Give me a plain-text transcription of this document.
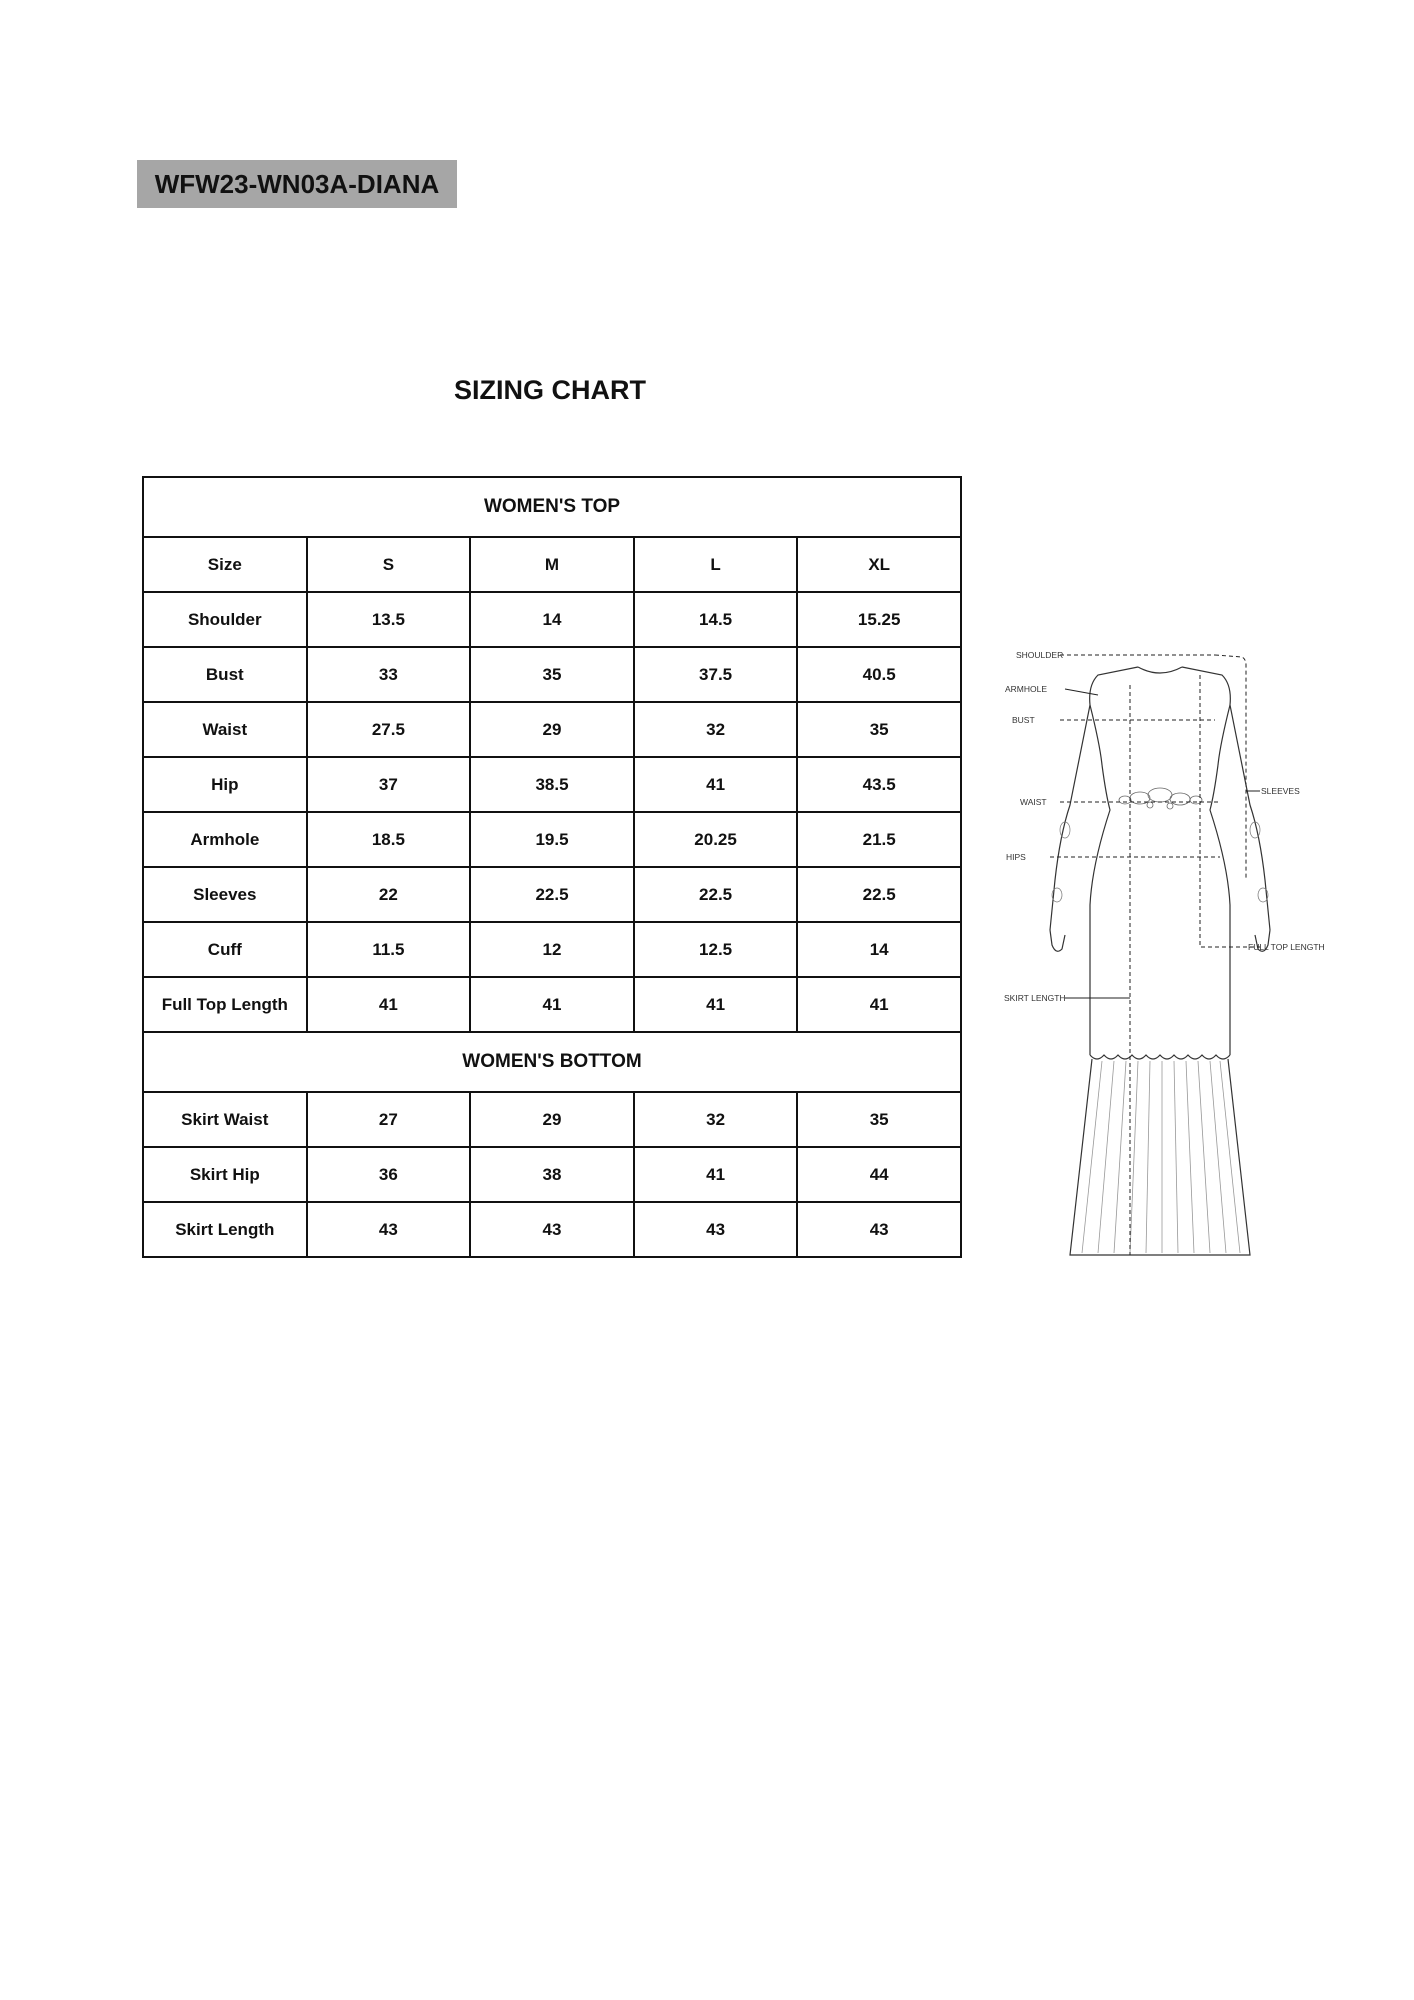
WFW23-WN03A-DIANA
SIZING CHART
WOMEN'S TOP				
Size	S	M	L	XL
Shoulder	13.5	14	14.5	15.25
Bust	33	35	37.5	40.5
Waist	27.5	29	32	35
Hip	37	38.5	41	43.5
Armhole	18.5	19.5	20.25	21.5
Sleeves	22	22.5	22.5	22.5
Cuff	11.5	12	12.5	14
Full Top Length	41	41	41	41
WOMEN'S BOTTOM				
Skirt Waist	27	29	32	35
Skirt Hip	36	38	41	44
Skirt Length	43	43	43	43
SHOULDER
ARMHOLE
BUST
SLEEVES
WAIST
HIPS
FULL TOP LENGTH
SKIRT LENGTH
